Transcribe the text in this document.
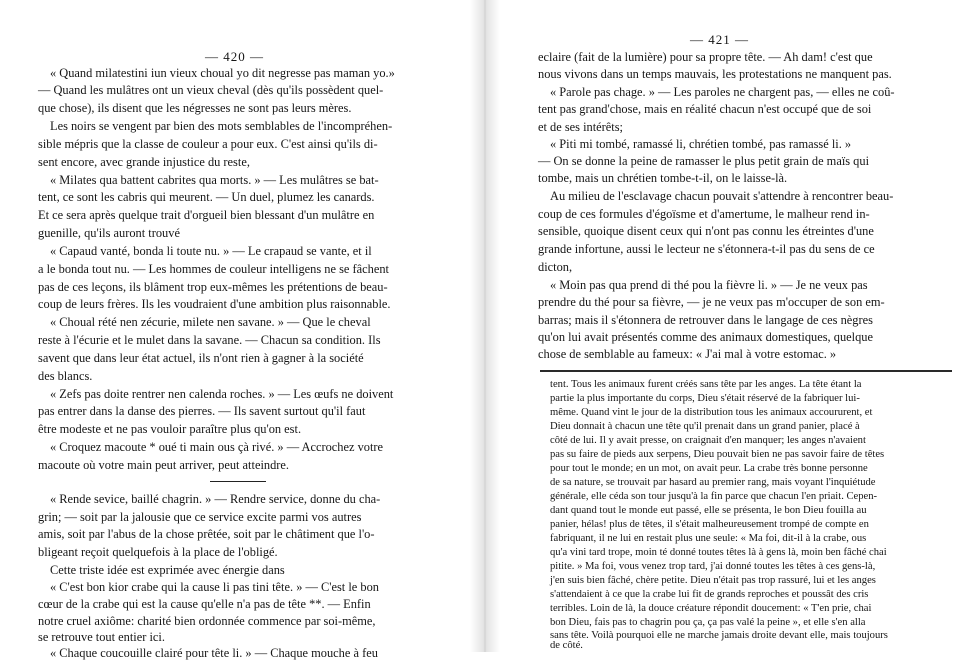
— 420 —
« Quand milatestini iun vieux choual yo dit negresse pas maman yo.»
— Quand les mulâtres ont un vieux cheval (dès qu'ils possèdent quel-
que chose), ils disent que les négresses ne sont pas leurs mères.
Les noirs se vengent par bien des mots semblables de l'incompréhen-
sible mépris que la classe de couleur a pour eux. C'est ainsi qu'ils di-
sent encore, avec grande injustice du reste,
« Milates qua battent cabrites qua morts. » — Les mulâtres se bat-
tent, ce sont les cabris qui meurent. — Un duel, plumez les canards.
Et ce sera après quelque trait d'orgueil bien blessant d'un mulâtre en
guenille, qu'ils auront trouvé
« Capaud vanté, bonda li toute nu. » — Le crapaud se vante, et il
a le bonda tout nu. — Les hommes de couleur intelligens ne se fâchent
pas de ces leçons, ils blâment trop eux-mêmes les prétentions de beau-
coup de leurs frères. Ils les voudraient d'une ambition plus raisonnable.
« Choual rété nen zécurie, milete nen savane. » — Que le cheval
reste à l'écurie et le mulet dans la savane. — Chacun sa condition. Ils
savent que dans leur état actuel, ils n'ont rien à gagner à la société
des blancs.
« Zefs pas doite rentrer nen calenda roches. » — Les œufs ne doivent
pas entrer dans la danse des pierres. — Ils savent surtout qu'il faut
être modeste et ne pas vouloir paraître plus qu'on est.
« Croquez macoute * oué ti main ous çà rivé. » — Accrochez votre
macoute où votre main peut arriver, peut atteindre.
« Rende sevice, baillé chagrin. » — Rendre service, donne du cha-
grin; — soit par la jalousie que ce service excite parmi vos autres
amis, soit par l'abus de la chose prêtée, soit par le châtiment que l'o-
bligeant reçoit quelquefois à la place de l'obligé.
Cette triste idée est exprimée avec énergie dans
« C'est bon kior crabe qui la cause li pas tini tête. » — C'est le bon
cœur de la crabe qui est la cause qu'elle n'a pas de tête **. — Enfin
notre cruel axiôme: charité bien ordonnée commence par soi-même,
se retrouve tout entier ici.
« Chaque coucouille clairé pour tête li. » — Chaque mouche à feu
— 421 —
eclaire (fait de la lumière) pour sa propre tête. — Ah dam! c'est que
nous vivons dans un temps mauvais, les protestations ne manquent pas.
« Parole pas chage. » — Les paroles ne chargent pas, — elles ne coû-
tent pas grand'chose, mais en réalité chacun n'est occupé que de soi
et de ses intérêts;
« Piti mi tombé, ramassé li, chrétien tombé, pas ramassé li. »
— On se donne la peine de ramasser le plus petit grain de maïs qui
tombe, mais un chrétien tombe-t-il, on le laisse-là.
Au milieu de l'esclavage chacun pouvait s'attendre à rencontrer beau-
coup de ces formules d'égoïsme et d'amertume, le malheur rend in-
sensible, quoique disent ceux qui n'ont pas connu les étreintes d'une
grande infortune, aussi le lecteur ne s'étonnera-t-il pas du sens de ce
dicton,
« Moin pas qua prend di thé pou la fièvre li. » — Je ne veux pas
prendre du thé pour sa fièvre, — je ne veux pas m'occuper de son em-
barras; mais il s'étonnera de retrouver dans le langage de ces nègres
qu'on lui avait présentés comme des animaux domestiques, quelque
chose de semblable au fameux: « J'ai mal à votre estomac. »
tent. Tous les animaux furent créés sans tête par les anges. La tête étant la
partie la plus importante du corps, Dieu s'était réservé de la fabriquer lui-
même. Quand vint le jour de la distribution tous les animaux accoururent, et
Dieu donnait à chacun une tête qu'il prenait dans un grand panier, placé à
côté de lui. Il y avait presse, on craignait d'en manquer; les anges n'avaient
pas su faire de pieds aux serpens, Dieu pouvait bien ne pas savoir faire de têtes
pour tout le monde; en un mot, on avait peur. La crabe très bonne personne
de sa nature, se trouvait par hasard au premier rang, mais voyant l'inquiétude
générale, elle céda son tour jusqu'à la fin parce que chacun l'en priait. Cepen-
dant quand tout le monde eut passé, elle se présenta, le bon Dieu fouilla au
panier, hélas! plus de têtes, il s'était malheureusement trompé de compte en
fabriquant, il ne lui en restait plus une seule: « Ma foi, dit-il à la crabe, ous
qu'a vini tard trope, moin té donné toutes têtes là à gens là, moin ben fâché chai
pitite. » Ma foi, vous venez trop tard, j'ai donné toutes les têtes à ces gens-là,
j'en suis bien fâché, chère petite. Dieu n'était pas trop rassuré, lui et les anges
s'attendaient à ce que la crabe lui fit de grands reproches et poussât des cris
terribles. Loin de là, la douce créature répondit doucement: « T'en prie, chai
bon Dieu, fais pas to chagrin pou ça, ça pas valé la peine », et elle s'en alla
sans tête. Voilà pourquoi elle ne marche jamais droite devant elle, mais toujours
de côté.
